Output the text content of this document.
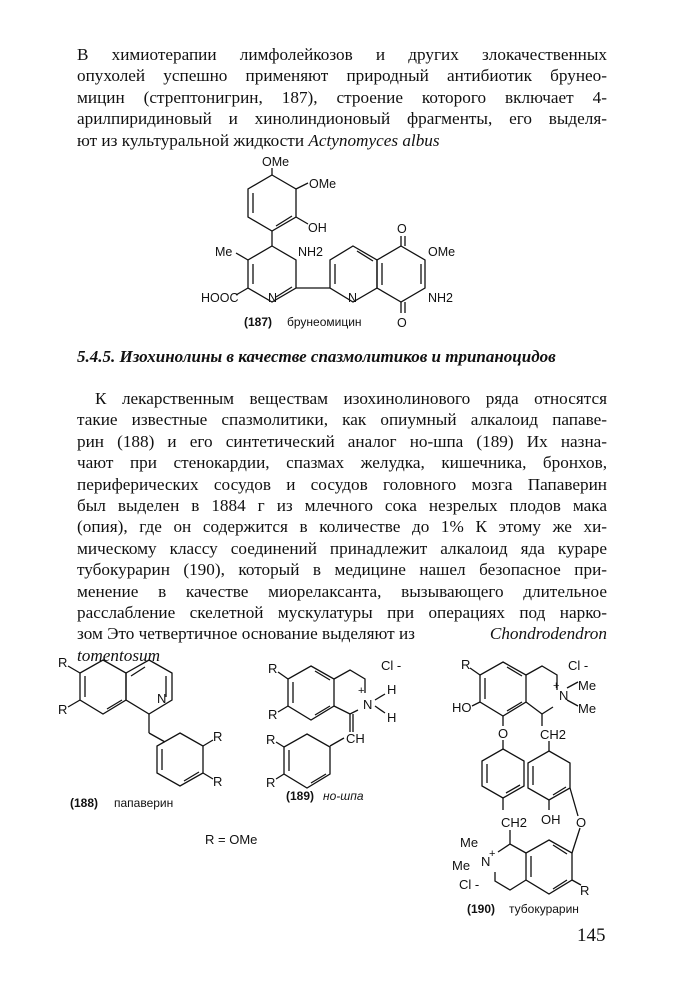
В химиотерапии лимфолейкозов и других злокачественных
опухолей успешно применяют природный антибиотик брунео-
мицин (стрептонигрин, 187), строение которого включает 4-
арилпиридиновый и хинолиндионовый фрагменты, его выделя-
ют из культуральной жидкости Actynomyces albus
OMe
OMe
OH
Me	NH2
O
OMe
HOOC N	N	NH2
O
(187) брунеомицин
5.4.5. Изохинолины в качестве спазмолитиков и трипаноцидов
К лекарственным веществам изохинолинового ряда относятся
такие известные спазмолитики, как опиумный алкалоид папаве-
рин (188) и его синтетический аналог но-шпа (189) Их назна-
чают при стенокардии, спазмах желудка, кишечника, бронхов,
периферических сосудов и сосудов головного мозга Папаверин
был выделен в 1884 г из млечного сока незрелых плодов мака
(опия), где он содержится в количестве до 1% К этому же хи-
мическому классу соединений принадлежит алкалоид яда кураре
тубокурарин (190), который в медицине нашел безопасное при-
менение в качестве миорелаксанта, вызывающего длительное
расслабление скелетной мускулатуры при операциях под нарко-
зом Это четвертичное основание выделяют из	Chondrodendron
tomentosum
R
R
N
R
R
(188) папаверин
R
R
Cl -
+
N
H
H
CH
R
R
(189) но-шпа
R = OMe
R
HO
Cl -
+
N
Me
Me
O CH2
OH O
CH2
Me
Me
+
N
Cl -	R
(190) тубокурарин
145
